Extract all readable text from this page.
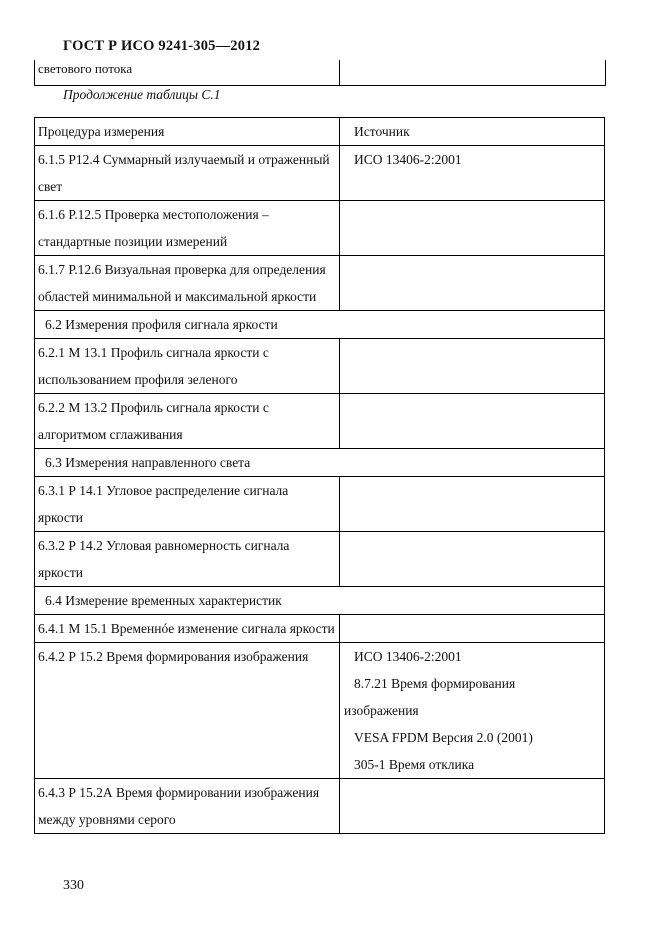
ГОСТ Р ИСО 9241-305—2012
светового потока
Продолжение таблицы С.1
Процедура измерения	Источник
6.1.5 Р12.4 Суммарный излучаемый и отраженный свет	ИСО 13406-2:2001

6.1.6 Р.12.5 Проверка местоположения – стандартные позиции измерений	
6.1.7 Р.12.6 Визуальная проверка для определения областей минимальной и максимальной яркости	
6.2 Измерения профиля сигнала яркости	
6.2.1 М 13.1 Профиль сигнала яркости с использованием профиля зеленого	
6.2.2 М 13.2 Профиль сигнала яркости с алгоритмом сглаживания	
6.3 Измерения направленного света	
6.3.1 Р 14.1 Угловое распределение сигнала яркости	
6.3.2 Р 14.2 Угловая равномерность сигнала яркости	
6.4 Измерение временных характеристик	
6.4.1 М 15.1 Временнóе изменение сигнала яркости	
6.4.2 Р 15.2 Время формирования изображения	ИСО 13406-2:2001
8.7.21 Время формирования
изображения
VESA FPDM Версия 2.0 (2001)
305-1 Время отклика

6.4.3 Р 15.2А Время формировании изображения между уровнями серого	
330
